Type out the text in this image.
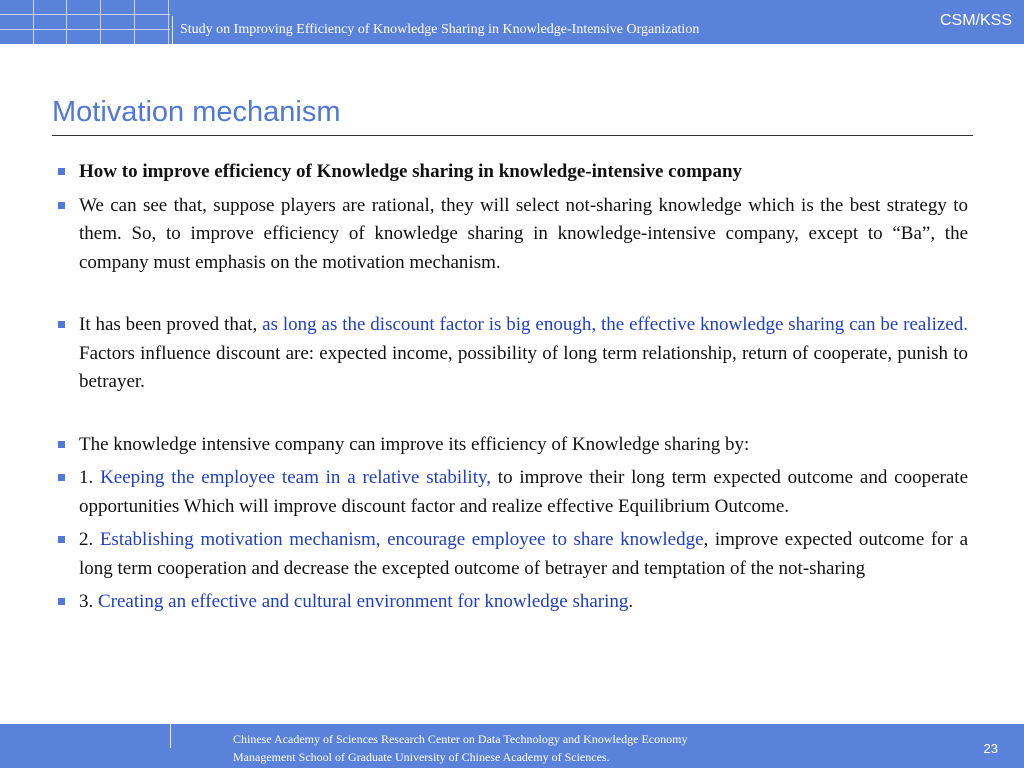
Study on Improving Efficiency of Knowledge Sharing in Knowledge-Intensive Organization
CSM/KSS
Motivation mechanism
How to improve efficiency of Knowledge sharing in knowledge-intensive company
We can see that, suppose players are rational, they will select not-sharing knowledge which is the best strategy to them. So, to improve efficiency of knowledge sharing in knowledge-intensive company, except to “Ba”, the company must emphasis on the motivation mechanism.
It has been proved that, as long as the discount factor is big enough, the effective knowledge sharing can be realized. Factors influence discount are: expected income, possibility of long term relationship, return of cooperate, punish to betrayer.
The knowledge intensive company can improve its efficiency of Knowledge sharing by:
1. Keeping the employee team in a relative stability, to improve their long term expected outcome and cooperate opportunities Which will improve discount factor and realize effective Equilibrium Outcome.
2. Establishing motivation mechanism, encourage employee to share knowledge, improve expected outcome for a long term cooperation and decrease the excepted outcome of betrayer and temptation of the not-sharing
3. Creating an effective and cultural environment for knowledge sharing.
Chinese Academy of Sciences Research Center on Data Technology and Knowledge Economy
Management School of Graduate University of Chinese Academy of Sciences.
23
